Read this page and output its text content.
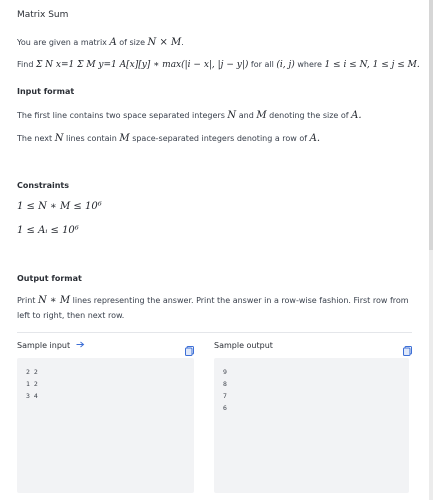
Matrix Sum
You are given a matrix A of size N × M.
Find Σ N x=1 Σ M y=1 A[x][y] ∗ max(|i − x|, |j − y|) for all (i, j) where 1 ≤ i ≤ N, 1 ≤ j ≤ M.
Input format
The first line contains two space separated integers N and M denoting the size of A.
The next N lines contain M space-separated integers denoting a row of A.
Constraints
1 ≤ N ∗ M ≤ 10⁶
1 ≤ Aᵢ ≤ 10⁶
Output format
Print N ∗ M lines representing the answer. Print the answer in a row-wise fashion. First row from left to right, then next row.
Sample input
2 2
1 2
3 4
Sample output
9
8
7
6
